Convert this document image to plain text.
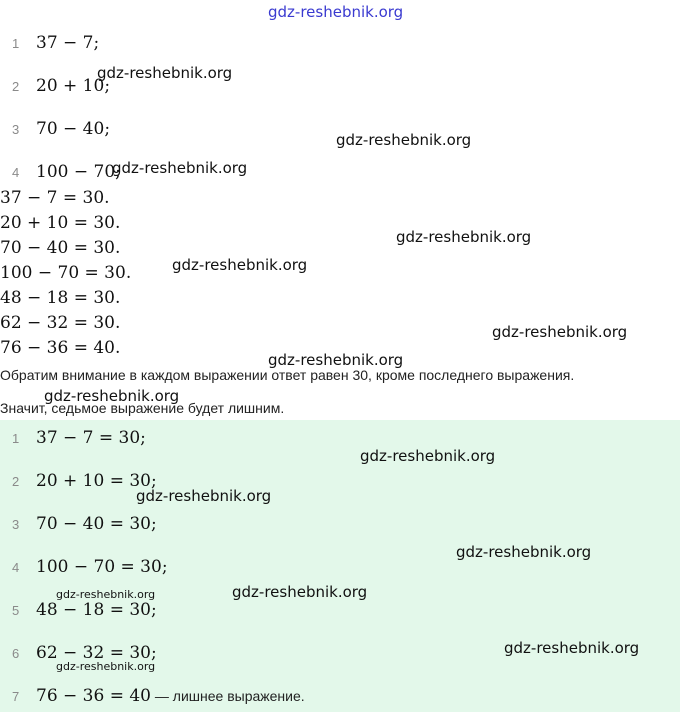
gdz-reshebnik.org
1 37 − 7;
2 20 + 10;
3 70 − 40;
4 100 − 70;
37 − 7 = 30.
20 + 10 = 30.
70 − 40 = 30.
100 − 70 = 30.
48 − 18 = 30.
62 − 32 = 30.
76 − 36 = 40.
Обратим внимание в каждом выражении ответ равен 30, кроме последнего выражения.
Значит, седьмое выражение будет лишним.
1 37 − 7 = 30;
2 20 + 10 = 30;
3 70 − 40 = 30;
4 100 − 70 = 30;
5 48 − 18 = 30;
6 62 − 32 = 30;
7 76 − 36 = 40 — лишнее выражение.
gdz-reshebnik.org
gdz-reshebnik.org
gdz-reshebnik.org
gdz-reshebnik.org
gdz-reshebnik.org
gdz-reshebnik.org
gdz-reshebnik.org
gdz-reshebnik.org
gdz-reshebnik.org
gdz-reshebnik.org
gdz-reshebnik.org
gdz-reshebnik.org
gdz-reshebnik.org
gdz-reshebnik.org
gdz-reshebnik.org
